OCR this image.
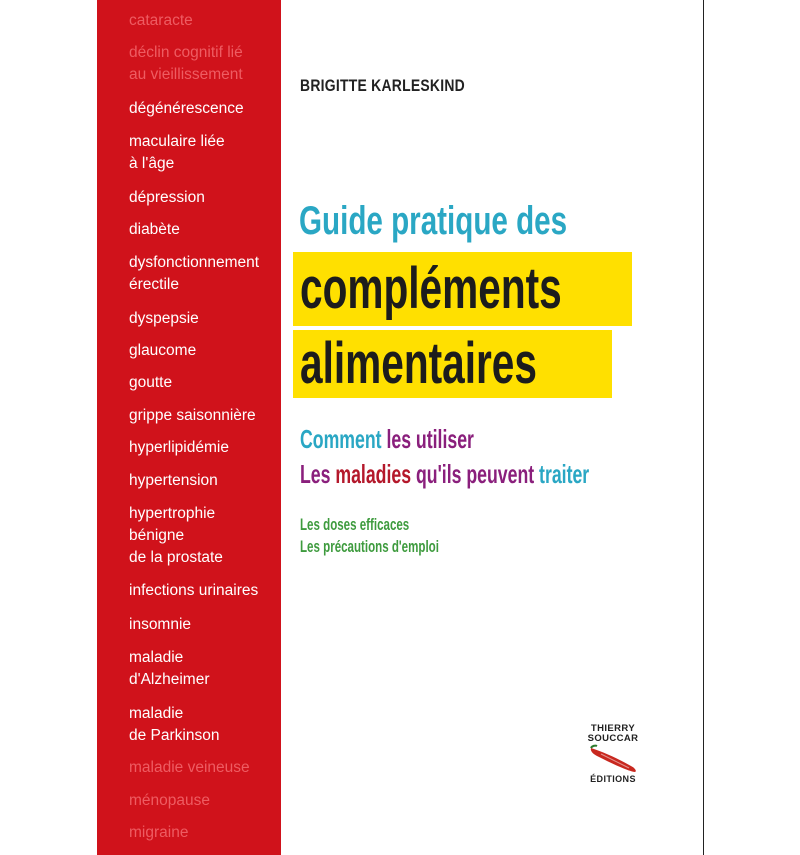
cataracte
déclin cognitif lié
au vieillissement
dégénérescence
maculaire liée
à l'âge
dépression
diabète
dysfonctionnement
érectile
dyspepsie
glaucome
goutte
grippe saisonnière
hyperlipidémie
hypertension
hypertrophie
bénigne
de la prostate
infections urinaires
insomnie
maladie
d'Alzheimer
maladie
de Parkinson
maladie veineuse
ménopause
migraine
BRIGITTE KARLESKIND
Guide pratique des
compléments
alimentaires
Comment les utiliser
Les maladies qu'ils peuvent traiter
Les doses efficaces
Les précautions d'emploi
THIERRY
SOUCCAR
ÉDITIONS
